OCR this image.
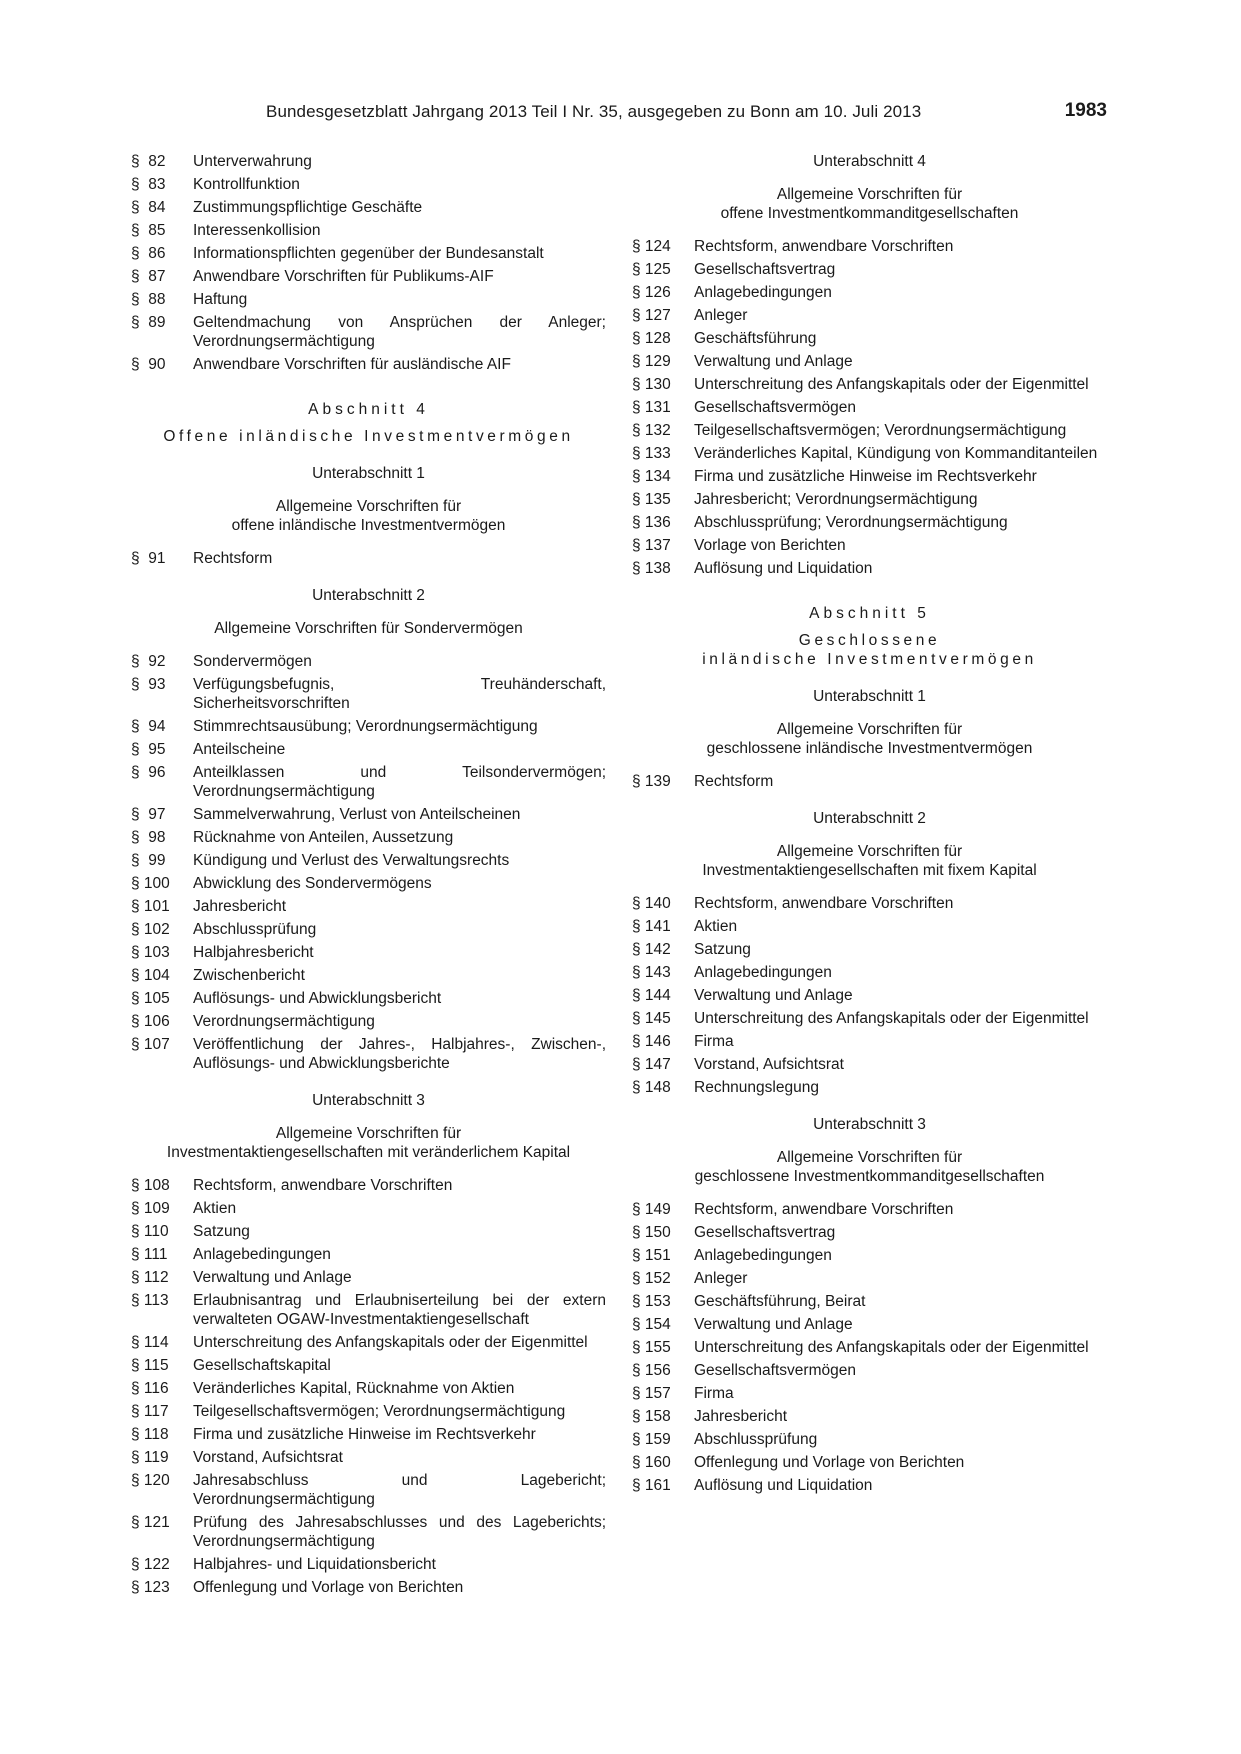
Bundesgesetzblatt Jahrgang 2013 Teil I Nr. 35, ausgegeben zu Bonn am 10. Juli 2013	1983
§  82	Unterverwahrung
§  83	Kontrollfunktion
§  84	Zustimmungspflichtige Geschäfte
§  85	Interessenkollision
§  86	Informationspflichten gegenüber der Bundesanstalt
§  87	Anwendbare Vorschriften für Publikums-AIF
§  88	Haftung
§  89	Geltendmachung von Ansprüchen der Anleger; Verordnungsermächtigung
§  90	Anwendbare Vorschriften für ausländische AIF
Abschnitt 4
Offene inländische Investmentvermögen
Unterabschnitt 1
Allgemeine Vorschriften für
offene inländische Investmentvermögen
§  91	Rechtsform
Unterabschnitt 2
Allgemeine Vorschriften für Sondervermögen
§  92	Sondervermögen
§  93	Verfügungsbefugnis, Treuhänderschaft, Sicherheitsvorschriften
§  94	Stimmrechtsausübung; Verordnungsermächtigung
§  95	Anteilscheine
§  96	Anteilklassen und Teilsondervermögen; Verordnungsermächtigung
§  97	Sammelverwahrung, Verlust von Anteilscheinen
§  98	Rücknahme von Anteilen, Aussetzung
§  99	Kündigung und Verlust des Verwaltungsrechts
§ 100	Abwicklung des Sondervermögens
§ 101	Jahresbericht
§ 102	Abschlussprüfung
§ 103	Halbjahresbericht
§ 104	Zwischenbericht
§ 105	Auflösungs- und Abwicklungsbericht
§ 106	Verordnungsermächtigung
§ 107	Veröffentlichung der Jahres-, Halbjahres-, Zwischen-, Auflösungs- und Abwicklungsberichte
Unterabschnitt 3
Allgemeine Vorschriften für
Investmentaktiengesellschaften mit veränderlichem Kapital
§ 108	Rechtsform, anwendbare Vorschriften
§ 109	Aktien
§ 110	Satzung
§ 111	Anlagebedingungen
§ 112	Verwaltung und Anlage
§ 113	Erlaubnisantrag und Erlaubniserteilung bei der extern verwalteten OGAW-Investmentaktiengesellschaft
§ 114	Unterschreitung des Anfangskapitals oder der Eigenmittel
§ 115	Gesellschaftskapital
§ 116	Veränderliches Kapital, Rücknahme von Aktien
§ 117	Teilgesellschaftsvermögen; Verordnungsermächtigung
§ 118	Firma und zusätzliche Hinweise im Rechtsverkehr
§ 119	Vorstand, Aufsichtsrat
§ 120	Jahresabschluss und Lagebericht; Verordnungsermächtigung
§ 121	Prüfung des Jahresabschlusses und des Lageberichts; Verordnungsermächtigung
§ 122	Halbjahres- und Liquidationsbericht
§ 123	Offenlegung und Vorlage von Berichten
Unterabschnitt 4
Allgemeine Vorschriften für
offene Investmentkommanditgesellschaften
§ 124	Rechtsform, anwendbare Vorschriften
§ 125	Gesellschaftsvertrag
§ 126	Anlagebedingungen
§ 127	Anleger
§ 128	Geschäftsführung
§ 129	Verwaltung und Anlage
§ 130	Unterschreitung des Anfangskapitals oder der Eigenmittel
§ 131	Gesellschaftsvermögen
§ 132	Teilgesellschaftsvermögen; Verordnungsermächtigung
§ 133	Veränderliches Kapital, Kündigung von Kommanditanteilen
§ 134	Firma und zusätzliche Hinweise im Rechtsverkehr
§ 135	Jahresbericht; Verordnungsermächtigung
§ 136	Abschlussprüfung; Verordnungsermächtigung
§ 137	Vorlage von Berichten
§ 138	Auflösung und Liquidation
Abschnitt 5
Geschlossene
inländische Investmentvermögen
Unterabschnitt 1
Allgemeine Vorschriften für
geschlossene inländische Investmentvermögen
§ 139	Rechtsform
Unterabschnitt 2
Allgemeine Vorschriften für
Investmentaktiengesellschaften mit fixem Kapital
§ 140	Rechtsform, anwendbare Vorschriften
§ 141	Aktien
§ 142	Satzung
§ 143	Anlagebedingungen
§ 144	Verwaltung und Anlage
§ 145	Unterschreitung des Anfangskapitals oder der Eigenmittel
§ 146	Firma
§ 147	Vorstand, Aufsichtsrat
§ 148	Rechnungslegung
Unterabschnitt 3
Allgemeine Vorschriften für
geschlossene Investmentkommanditgesellschaften
§ 149	Rechtsform, anwendbare Vorschriften
§ 150	Gesellschaftsvertrag
§ 151	Anlagebedingungen
§ 152	Anleger
§ 153	Geschäftsführung, Beirat
§ 154	Verwaltung und Anlage
§ 155	Unterschreitung des Anfangskapitals oder der Eigenmittel
§ 156	Gesellschaftsvermögen
§ 157	Firma
§ 158	Jahresbericht
§ 159	Abschlussprüfung
§ 160	Offenlegung und Vorlage von Berichten
§ 161	Auflösung und Liquidation
